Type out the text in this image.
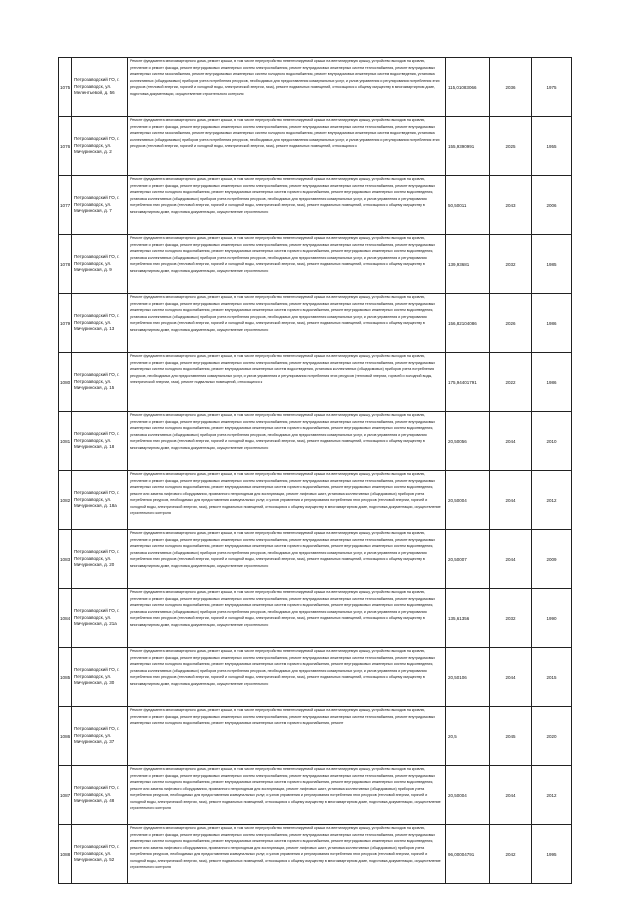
1075	Петрозаводский ГО, г. Петрозаводск, ул. Мелентьевой, д. 56	Ремонт фундамента многоквартирного дома, ремонт крыши, в том числе переустройство невентилируемой крыши на вентилируемую крышу, устройство выходов на кровлю, утепление и ремонт фасада, ремонт внутридомовых инженерных систем электроснабжения, ремонт внутридомовых инженерных систем теплоснабжения, ремонт внутридомовых инженерных систем газоснабжения, ремонт внутридомовых инженерных систем холодного водоснабжения, ремонт внутридомовых инженерных систем водоотведения, установка коллективных (общедомовых) приборов учета потребления ресурсов, необходимых для предоставления коммунальных услуг, и узлов управления и регулирования потребления этих ресурсов (тепловой энергии, горячей и холодной воды, электрической энергии, газа), ремонт подвальных помещений, относящихся к общему имуществу в многоквартирном доме, подготовка документации, осуществление строительного контроля	115,01083066	2036	1975
1076	Петрозаводский ГО, г. Петрозаводск, ул. Мичуринская, д. 2	Ремонт фундамента многоквартирного дома, ремонт крыши, в том числе переустройство невентилируемой крыши на вентилируемую крышу, устройство выходов на кровлю, утепление и ремонт фасада, ремонт внутридомовых инженерных систем электроснабжения, ремонт внутридомовых инженерных систем теплоснабжения, ремонт внутридомовых инженерных систем газоснабжения, ремонт внутридомовых инженерных систем холодного водоснабжения, ремонт внутридомовых инженерных систем водоотведения, установка коллективных (общедомовых) приборов учета потребления ресурсов, необходимых для предоставления коммунальных услуг, и узлов управления и регулирования потребления этих ресурсов (тепловой энергии, горячей и холодной воды, электрической энергии, газа), ремонт подвальных помещений, относящихся к	155,9390991	2025	1955
1077	Петрозаводский ГО, г. Петрозаводск, ул. Мичуринская, д. 7	Ремонт фундамента многоквартирного дома, ремонт крыши, в том числе переустройство невентилируемой крыши на вентилируемую крышу, устройство выходов на кровлю, утепление и ремонт фасада, ремонт внутридомовых инженерных систем электроснабжения, ремонт внутридомовых инженерных систем теплоснабжения, ремонт внутридомовых инженерных систем холодного водоснабжения, ремонт внутридомовых инженерных систем горячего водоснабжения, ремонт внутридомовых инженерных систем водоотведения, установка коллективных (общедомовых) приборов учета потребления ресурсов, необходимых для предоставления коммунальных услуг, и узлов управления и регулирования потребления этих ресурсов (тепловой энергии, горячей и холодной воды, электрической энергии, газа), ремонт подвальных помещений, относящихся к общему имуществу в многоквартирном доме, подготовка документации, осуществление строительного	50,50011	2043	2006
1078	Петрозаводский ГО, г. Петрозаводск, ул. Мичуринская, д. 9	Ремонт фундамента многоквартирного дома, ремонт крыши, в том числе переустройство невентилируемой крыши на вентилируемую крышу, устройство выходов на кровлю, утепление и ремонт фасада, ремонт внутридомовых инженерных систем электроснабжения, ремонт внутридомовых инженерных систем теплоснабжения, ремонт внутридомовых инженерных систем холодного водоснабжения, ремонт внутридомовых инженерных систем горячего водоснабжения, ремонт внутридомовых инженерных систем водоотведения, установка коллективных (общедомовых) приборов учета потребления ресурсов, необходимых для предоставления коммунальных услуг, и узлов управления и регулирования потребления этих ресурсов (тепловой энергии, горячей и холодной воды, электрической энергии, газа), ремонт подвальных помещений, относящихся к общему имуществу в многоквартирном доме, подготовка документации, осуществление строительного	139,93681	2032	1985
1079	Петрозаводский ГО, г. Петрозаводск, ул. Мичуринская, д. 13	Ремонт фундамента многоквартирного дома, ремонт крыши, в том числе переустройство невентилируемой крыши на вентилируемую крышу, устройство выходов на кровлю, утепление и ремонт фасада, ремонт внутридомовых инженерных систем электроснабжения, ремонт внутридомовых инженерных систем теплоснабжения, ремонт внутридомовых инженерных систем холодного водоснабжения, ремонт внутридомовых инженерных систем горячего водоснабжения, ремонт внутридомовых инженерных систем водоотведения, установка коллективных (общедомовых) приборов учета потребления ресурсов, необходимых для предоставления коммунальных услуг, и узлов управления и регулирования потребления этих ресурсов (тепловой энергии, горячей и холодной воды, электрической энергии, газа), ремонт подвальных помещений, относящихся к общему имуществу в многоквартирном доме, подготовка документации, осуществление строительного	156,82104086	2026	1986
1080	Петрозаводский ГО, г. Петрозаводск, ул. Мичуринская, д. 15	Ремонт фундамента многоквартирного дома, ремонт крыши, в том числе переустройство невентилируемой крыши на вентилируемую крышу, устройство выходов на кровлю, утепление и ремонт фасада, ремонт внутридомовых инженерных систем электроснабжения, ремонт внутридомовых инженерных систем теплоснабжения, ремонт внутридомовых инженерных систем холодного водоснабжения, ремонт внутридомовых инженерных систем водоотведения, установка коллективных (общедомовых) приборов учета потребления ресурсов, необходимых для предоставления коммунальных услуг, и узлов управления и регулирования потребления этих ресурсов (тепловой энергии, горячей и холодной воды, электрической энергии, газа), ремонт подвальных помещений, относящихся к	175,94401791	2022	1986
1081	Петрозаводский ГО, г. Петрозаводск, ул. Мичуринская, д. 18	Ремонт фундамента многоквартирного дома, ремонт крыши, в том числе переустройство невентилируемой крыши на вентилируемую крышу, устройство выходов на кровлю, утепление и ремонт фасада, ремонт внутридомовых инженерных систем электроснабжения, ремонт внутридомовых инженерных систем теплоснабжения, ремонт внутридомовых инженерных систем холодного водоснабжения, ремонт внутридомовых инженерных систем горячего водоснабжения, ремонт внутридомовых инженерных систем водоотведения, установка коллективных (общедомовых) приборов учета потребления ресурсов, необходимых для предоставления коммунальных услуг, и узлов управления и регулирования потребления этих ресурсов (тепловой энергии, горячей и холодной воды, электрической энергии, газа), ремонт подвальных помещений, относящихся к общему имуществу в многоквартирном доме, подготовка документации, осуществление строительного	20,50056	2044	2010
1082	Петрозаводский ГО, г. Петрозаводск, ул. Мичуринская, д. 18а	Ремонт фундамента многоквартирного дома, ремонт крыши, в том числе переустройство невентилируемой крыши на вентилируемую крышу, устройство выходов на кровлю, утепление и ремонт фасада, ремонт внутридомовых инженерных систем электроснабжения, ремонт внутридомовых инженерных систем теплоснабжения, ремонт внутридомовых инженерных систем холодного водоснабжения, ремонт внутридомовых инженерных систем горячего водоснабжения, ремонт внутридомовых инженерных систем водоотведения, ремонт или замена лифтового оборудования, признанного непригодным для эксплуатации, ремонт лифтовых шахт, установка коллективных (общедомовых) приборов учета потребления ресурсов, необходимых для предоставления коммунальных услуг, и узлов управления и регулирования потребления этих ресурсов (тепловой энергии, горячей и холодной воды, электрической энергии, газа), ремонт подвальных помещений, относящихся к общему имуществу в многоквартирном доме, подготовка документации, осуществление строительного контроля	20,50004	2044	2012
1083	Петрозаводский ГО, г. Петрозаводск, ул. Мичуринская, д. 20	Ремонт фундамента многоквартирного дома, ремонт крыши, в том числе переустройство невентилируемой крыши на вентилируемую крышу, устройство выходов на кровлю, утепление и ремонт фасада, ремонт внутридомовых инженерных систем электроснабжения, ремонт внутридомовых инженерных систем теплоснабжения, ремонт внутридомовых инженерных систем холодного водоснабжения, ремонт внутридомовых инженерных систем горячего водоснабжения, ремонт внутридомовых инженерных систем водоотведения, установка коллективных (общедомовых) приборов учета потребления ресурсов, необходимых для предоставления коммунальных услуг, и узлов управления и регулирования потребления этих ресурсов (тепловой энергии, горячей и холодной воды, электрической энергии, газа), ремонт подвальных помещений, относящихся к общему имуществу в многоквартирном доме, подготовка документации, осуществление строительного	20,50007	2044	2009
1084	Петрозаводский ГО, г. Петрозаводск, ул. Мичуринская, д. 21а	Ремонт фундамента многоквартирного дома, ремонт крыши, в том числе переустройство невентилируемой крыши на вентилируемую крышу, устройство выходов на кровлю, утепление и ремонт фасада, ремонт внутридомовых инженерных систем электроснабжения, ремонт внутридомовых инженерных систем теплоснабжения, ремонт внутридомовых инженерных систем холодного водоснабжения, ремонт внутридомовых инженерных систем горячего водоснабжения, ремонт внутридомовых инженерных систем водоотведения, установка коллективных (общедомовых) приборов учета потребления ресурсов, необходимых для предоставления коммунальных услуг, и узлов управления и регулирования потребления этих ресурсов (тепловой энергии, горячей и холодной воды, электрической энергии, газа), ремонт подвальных помещений, относящихся к общему имуществу в многоквартирном доме, подготовка документации, осуществление строительного	135,61356	2032	1990
1085	Петрозаводский ГО, г. Петрозаводск, ул. Мичуринская, д. 30	Ремонт фундамента многоквартирного дома, ремонт крыши, в том числе переустройство невентилируемой крыши на вентилируемую крышу, устройство выходов на кровлю, утепление и ремонт фасада, ремонт внутридомовых инженерных систем электроснабжения, ремонт внутридомовых инженерных систем теплоснабжения, ремонт внутридомовых инженерных систем холодного водоснабжения, ремонт внутридомовых инженерных систем горячего водоснабжения, ремонт внутридомовых инженерных систем водоотведения, установка коллективных (общедомовых) приборов учета потребления ресурсов, необходимых для предоставления коммунальных услуг, и узлов управления и регулирования потребления этих ресурсов (тепловой энергии, горячей и холодной воды, электрической энергии, газа), ремонт подвальных помещений, относящихся к общему имуществу в многоквартирном доме, подготовка документации, осуществление строительного	20,50106	2044	2015
1086	Петрозаводский ГО, г. Петрозаводск, ул. Мичуринская, д. 37	Ремонт фундамента многоквартирного дома, ремонт крыши, в том числе переустройство невентилируемой крыши на вентилируемую крышу, устройство выходов на кровлю, утепление и ремонт фасада, ремонт внутридомовых инженерных систем электроснабжения, ремонт внутридомовых инженерных систем теплоснабжения, ремонт внутридомовых инженерных систем холодного водоснабжения, ремонт внутридомовых инженерных систем горячего водоснабжения, ремонт	20,5	2045	2020
1087	Петрозаводский ГО, г. Петрозаводск, ул. Мичуринская, д. 48	Ремонт фундамента многоквартирного дома, ремонт крыши, в том числе переустройство невентилируемой крыши на вентилируемую крышу, устройство выходов на кровлю, утепление и ремонт фасада, ремонт внутридомовых инженерных систем электроснабжения, ремонт внутридомовых инженерных систем теплоснабжения, ремонт внутридомовых инженерных систем холодного водоснабжения, ремонт внутридомовых инженерных систем горячего водоснабжения, ремонт внутридомовых инженерных систем водоотведения, ремонт или замена лифтового оборудования, признанного непригодным для эксплуатации, ремонт лифтовых шахт, установка коллективных (общедомовых) приборов учета потребления ресурсов, необходимых для предоставления коммунальных услуг, и узлов управления и регулирования потребления этих ресурсов (тепловой энергии, горячей и холодной воды, электрической энергии, газа), ремонт подвальных помещений, относящихся к общему имуществу в многоквартирном доме, подготовка документации, осуществление строительного контроля	20,50004	2044	2012
1088	Петрозаводский ГО, г. Петрозаводск, ул. Мичуринская, д. 52	Ремонт фундамента многоквартирного дома, ремонт крыши, в том числе переустройство невентилируемой крыши на вентилируемую крышу, устройство выходов на кровлю, утепление и ремонт фасада, ремонт внутридомовых инженерных систем электроснабжения, ремонт внутридомовых инженерных систем теплоснабжения, ремонт внутридомовых инженерных систем холодного водоснабжения, ремонт внутридомовых инженерных систем горячего водоснабжения, ремонт внутридомовых инженерных систем водоотведения, ремонт или замена лифтового оборудования, признанного непригодным для эксплуатации, ремонт лифтовых шахт, установка коллективных (общедомовых) приборов учета потребления ресурсов, необходимых для предоставления коммунальных услуг, и узлов управления и регулирования потребления этих ресурсов (тепловой энергии, горячей и холодной воды, электрической энергии, газа), ремонт подвальных помещений, относящихся к общему имуществу в многоквартирном доме, подготовка документации, осуществление строительного контроля	96,00004791	2042	1995
